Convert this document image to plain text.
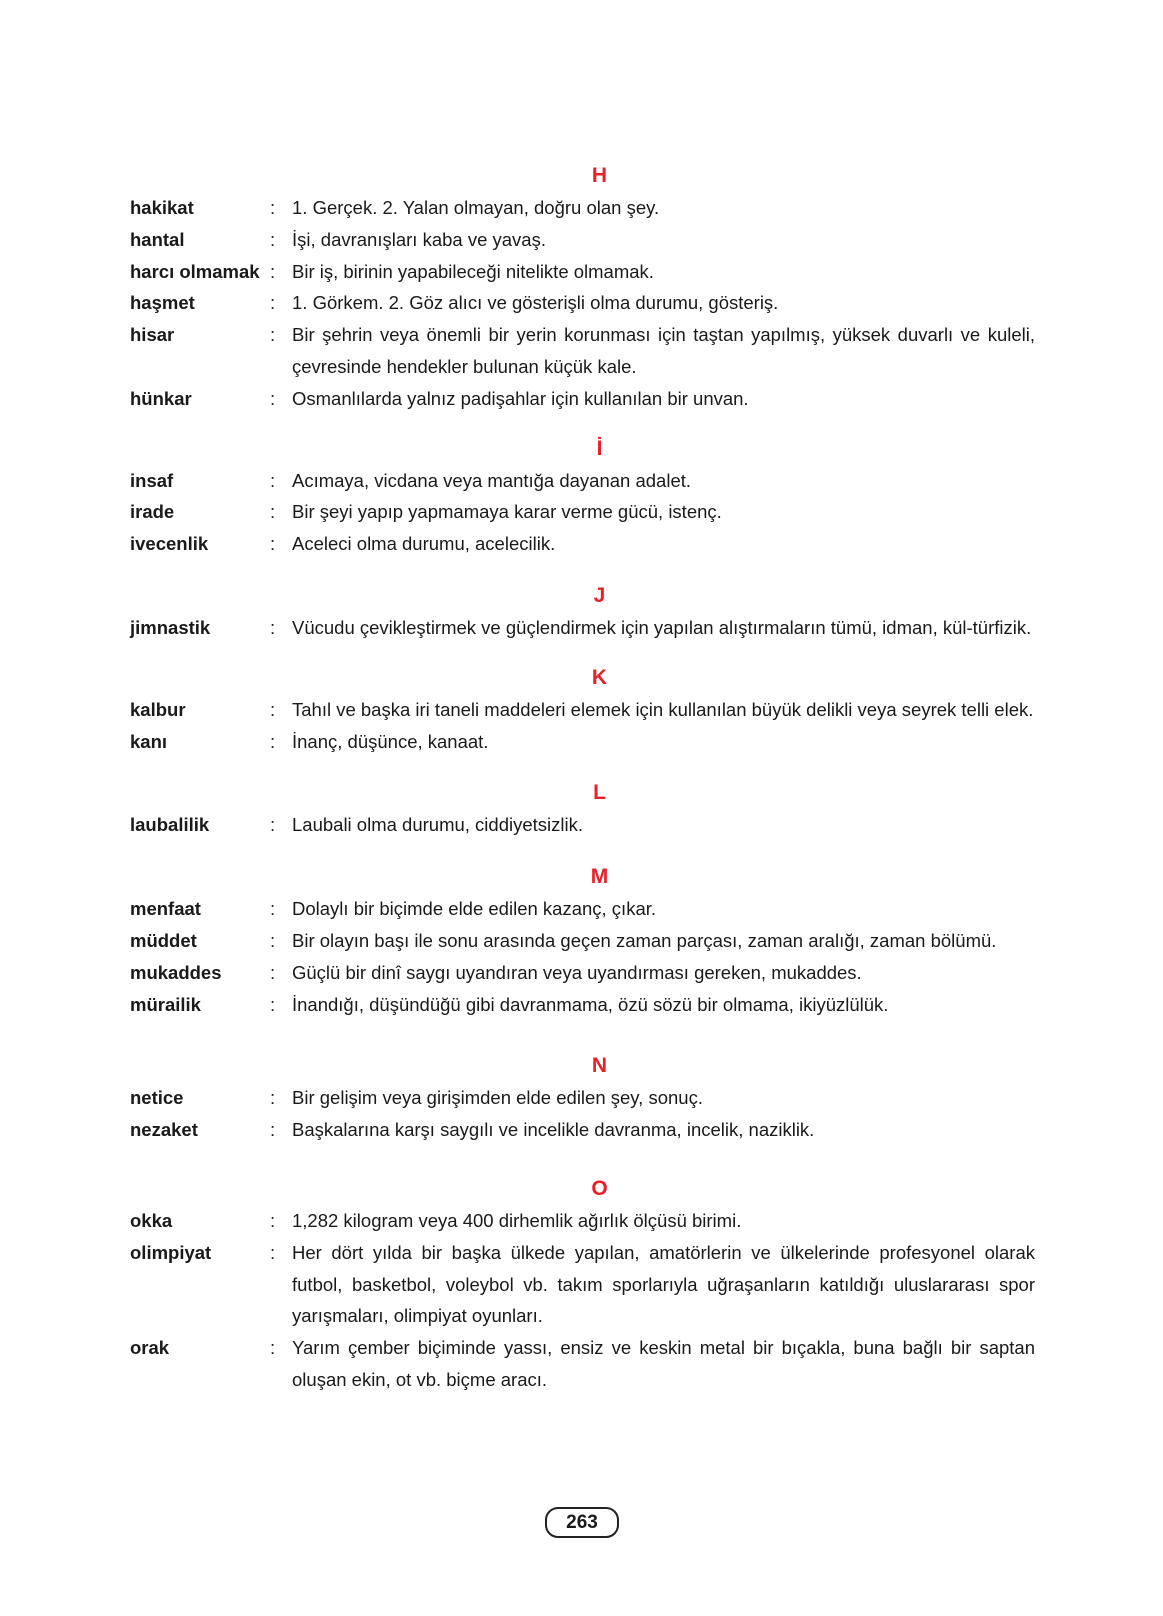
H
hakikat	: 1. Gerçek. 2. Yalan olmayan, doğru olan şey.
hantal	: İşi, davranışları kaba ve yavaş.
harcı olmamak : Bir iş, birinin yapabileceği nitelikte olmamak.
haşmet	: 1. Görkem. 2. Göz alıcı ve gösterişli olma durumu, gösteriş.
hisar	: Bir şehrin veya önemli bir yerin korunması için taştan yapılmış, yüksek duvarlı ve kuleli, çevresinde hendekler bulunan küçük kale.
hünkar	: Osmanlılarda yalnız padişahlar için kullanılan bir unvan.
İ
insaf	: Acımaya, vicdana veya mantığa dayanan adalet.
irade	: Bir şeyi yapıp yapmamaya karar verme gücü, istenç.
ivecenlik	: Aceleci olma durumu, acelecilik.
J
jimnastik	: Vücudu çevikleştirmek ve güçlendirmek için yapılan alıştırmaların tümü, idman, kül-türfizik.
K
kalbur	: Tahıl ve başka iri taneli maddeleri elemek için kullanılan büyük delikli veya seyrek telli elek.
kanı	: İnanç, düşünce, kanaat.
L
laubalilik	: Laubali olma durumu, ciddiyetsizlik.
M
menfaat	: Dolaylı bir biçimde elde edilen kazanç, çıkar.
müddet	: Bir olayın başı ile sonu arasında geçen zaman parçası, zaman aralığı, zaman bölümü.
mukaddes	: Güçlü bir dinî saygı uyandıran veya uyandırması gereken, mukaddes.
mürailik	: İnandığı, düşündüğü gibi davranmama, özü sözü bir olmama, ikiyüzlülük.
N
netice	: Bir gelişim veya girişimden elde edilen şey, sonuç.
nezaket	: Başkalarına karşı saygılı ve incelikle davranma, incelik, naziklik.
O
okka	: 1,282 kilogram veya 400 dirhemlik ağırlık ölçüsü birimi.
olimpiyat	: Her dört yılda bir başka ülkede yapılan, amatörlerin ve ülkelerinde profesyonel olarak futbol, basketbol, voleybol vb. takım sporlarıyla uğraşanların katıldığı uluslararası spor yarışmaları, olimpiyat oyunları.
orak	: Yarım çember biçiminde yassı, ensiz ve keskin metal bir bıçakla, buna bağlı bir saptan oluşan ekin, ot vb. biçme aracı.
263
